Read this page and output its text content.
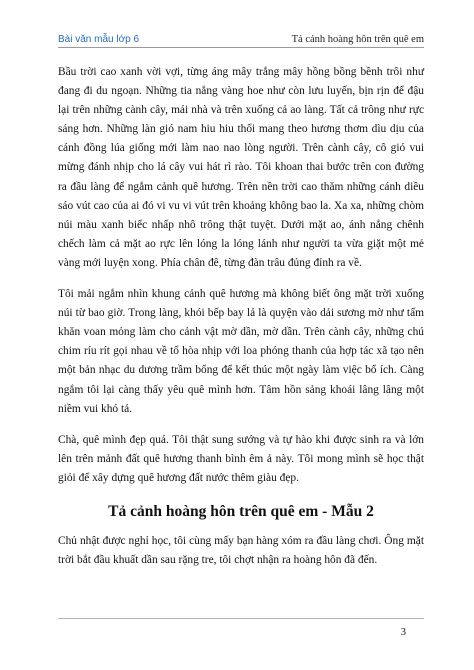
Bài văn mẫu lớp 6	Tả cảnh hoàng hôn trên quê em

Bầu trời cao xanh vời vợi, từng áng mây trắng mây hồng bồng bềnh trôi như đang đi du ngoạn. Những tia nắng vàng hoe như còn lưu luyến, bịn rịn để đậu lại trên những cành cây, mái nhà và trên xuống cả ao làng. Tất cả trông như rực sáng hơn. Những làn gió nam hiu hiu thổi mang theo hương thơm dìu dịu của cánh đồng lúa giống mới làm nao nao lòng người. Trên cành cây, cô gió vui mừng đánh nhịp cho lá cây vui hát rì rào. Tôi khoan thai bước trên con đường ra đầu làng để ngắm cảnh quê hương. Trên nền trời cao thăm những cánh diều sáo vút cao của ai đó vi vu vi vút trên khoảng không bao la. Xa xa, những chòm núi màu xanh biếc nhấp nhô trông thật tuyệt. Dưới mặt ao, ánh nắng chênh chếch làm cả mặt ao rực lên lóng la lóng lánh như người ta vừa giặt một mẻ vàng mới luyện xong. Phía chân đê, từng đàn trâu đủng đỉnh ra về.

Tôi mải ngắm nhìn khung cảnh quê hương mà không biết ông mặt trời xuống núi từ bao giờ. Trong làng, khói bếp bay lả là quyện vào dải sương mờ như tấm khăn voan mỏng làm cho cảnh vật mờ dần, mờ dần. Trên cành cây, những chú chim ríu rít gọi nhau về tổ hòa nhịp với loa phóng thanh của hợp tác xã tạo nên một bản nhạc du dương trầm bổng để kết thúc một ngày làm việc bổ ích. Càng ngắm tôi lại càng thấy yêu quê mình hơn. Tâm hồn sảng khoái lâng lâng một niềm vui khó tả.

Chà, quê mình đẹp quá. Tôi thật sung sướng và tự hào khi được sinh ra và lớn lên trên mảnh đất quê hương thanh bình êm ả này. Tôi mong mình sẽ học thật giỏi để xây dựng quê hương đất nước thêm giàu đẹp.

Tả cảnh hoàng hôn trên quê em - Mẫu 2

Chủ nhật được nghỉ học, tôi cùng mấy bạn hàng xóm ra đầu làng chơi. Ông mặt trời bắt đầu khuất dần sau rặng tre, tôi chợt nhận ra hoàng hôn đã đến.

3
